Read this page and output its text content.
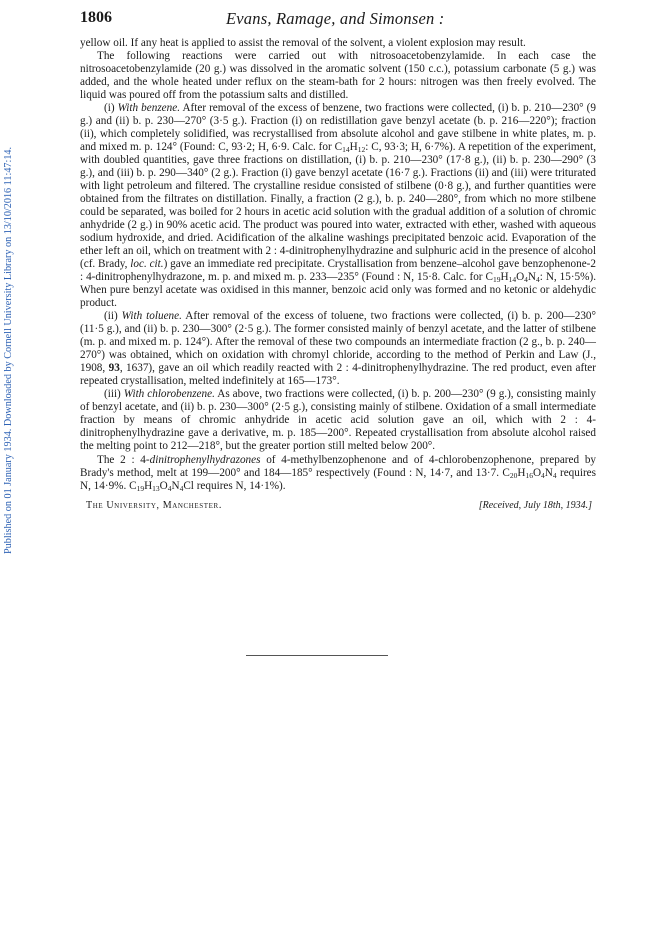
1806	Evans, Ramage, and Simonsen :
Published on 01 January 1934. Downloaded by Cornell University Library on 13/10/2016 11:47:14.

yellow oil. If any heat is applied to assist the removal of the solvent, a violent explosion may result.

The following reactions were carried out with nitrosoacetobenzylamide. In each case the nitrosoacetobenzylamide (20 g.) was dissolved in the aromatic solvent (150 c.c.), potassium carbonate (5 g.) was added, and the whole heated under reflux on the steam-bath for 2 hours: nitrogen was then freely evolved. The liquid was poured off from the potassium salts and distilled.

(i) With benzene. After removal of the excess of benzene, two fractions were collected, (i) b. p. 210—230° (9 g.) and (ii) b. p. 230—270° (3·5 g.). Fraction (i) on redistillation gave benzyl acetate (b. p. 216—220°); fraction (ii), which completely solidified, was recrystallised from absolute alcohol and gave stilbene in white plates, m. p. and mixed m. p. 124° (Found: C, 93·2; H, 6·9. Calc. for $C_{14}H_{12}$: C, 93·3; H, 6·7%). A repetition of the experiment, with doubled quantities, gave three fractions on distillation, (i) b. p. 210—230° (17·8 g.), (ii) b. p. 230—290° (3 g.), and (iii) b. p. 290—340° (2 g.). Fraction (i) gave benzyl acetate (16·7 g.). Fractions (ii) and (iii) were triturated with light petroleum and filtered. The crystalline residue consisted of stilbene (0·8 g.), and further quantities were obtained from the filtrates on distillation. Finally, a fraction (2 g.), b. p. 240—280°, from which no more stilbene could be separated, was boiled for 2 hours in acetic acid solution with the gradual addition of a solution of chromic anhydride (2 g.) in 90% acetic acid. The product was poured into water, extracted with ether, washed with aqueous sodium hydroxide, and dried. Acidification of the alkaline washings precipitated benzoic acid. Evaporation of the ether left an oil, which on treatment with 2 : 4-dinitrophenylhydrazine and sulphuric acid in the presence of alcohol (cf. Brady, loc. cit.) gave an immediate red precipitate. Crystallisation from benzene–alcohol gave benzophenone-2 : 4-dinitrophenylhydrazone, m. p. and mixed m. p. 233—235° (Found : N, 15·8. Calc. for $C_{19}H_{14}O_4N_4$: N, 15·5%). When pure benzyl acetate was oxidised in this manner, benzoic acid only was formed and no ketonic or aldehydic product.

(ii) With toluene. After removal of the excess of toluene, two fractions were collected, (i) b. p. 200—230° (11·5 g.), and (ii) b. p. 230—300° (2·5 g.). The former consisted mainly of benzyl acetate, and the latter of stilbene (m. p. and mixed m. p. 124°). After the removal of these two compounds an intermediate fraction (2 g., b. p. 240—270°) was obtained, which on oxidation with chromyl chloride, according to the method of Perkin and Law (J., 1908, 93, 1637), gave an oil which readily reacted with 2 : 4-dinitrophenylhydrazine. The red product, even after repeated crystallisation, melted indefinitely at 165—173°.

(iii) With chlorobenzene. As above, two fractions were collected, (i) b. p. 200—230° (9 g.), consisting mainly of benzyl acetate, and (ii) b. p. 230—300° (2·5 g.), consisting mainly of stilbene. Oxidation of a small intermediate fraction by means of chromic anhydride in acetic acid solution gave an oil, which with 2 : 4-dinitrophenylhydrazine gave a derivative, m. p. 185—200°. Repeated crystallisation from absolute alcohol raised the melting point to 212—218°, but the greater portion still melted below 200°.

The 2 : 4-dinitrophenylhydrazones of 4-methylbenzophenone and of 4-chlorobenzophenone, prepared by Brady's method, melt at 199—200° and 184—185° respectively (Found : N, 14·7, and 13·7. $C_{20}H_{16}O_4N_4$ requires N, 14·9%. $C_{19}H_{13}O_4N_4Cl$ requires N, 14·1%).

The University, Manchester.	[Received, July 18th, 1934.]
